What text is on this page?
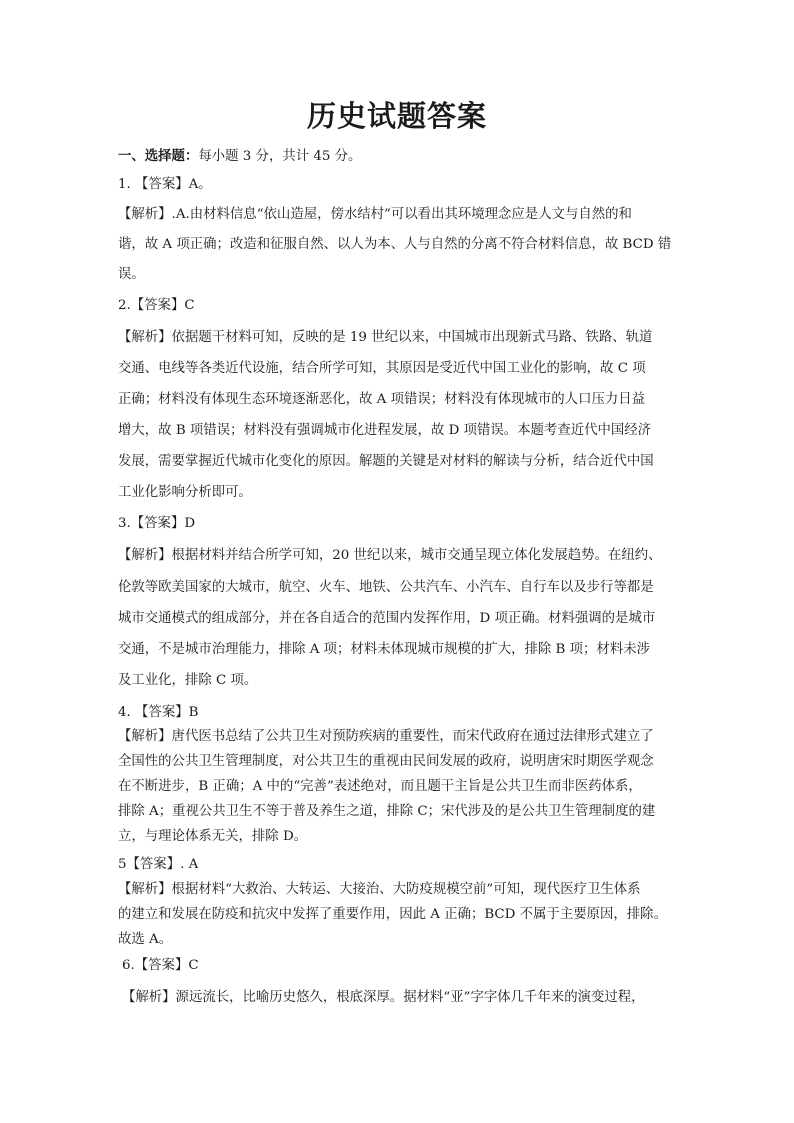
历史试题答案
一、选择题：每小题 3 分，共计 45 分。
1. 【答案】A。
【解析】.A.由材料信息“依山造屋，傍水结村”可以看出其环境理念应是人文与自然的和
谐，故 A 项正确；改造和征服自然、以人为本、人与自然的分离不符合材料信息，故 BCD 错
误。
2.【答案】C
【解析】依据题干材料可知，反映的是 19 世纪以来，中国城市出现新式马路、铁路、轨道
交通、电线等各类近代设施，结合所学可知，其原因是受近代中国工业化的影响，故 C 项
正确；材料没有体现生态环境逐渐恶化，故 A 项错误；材料没有体现城市的人口压力日益
增大，故 B 项错误；材料没有强调城市化进程发展，故 D 项错误。本题考查近代中国经济
发展，需要掌握近代城市化变化的原因。解题的关键是对材料的解读与分析，结合近代中国
工业化影响分析即可。
3.【答案】D
【解析】根据材料并结合所学可知，20 世纪以来，城市交通呈现立体化发展趋势。在纽约、
伦敦等欧美国家的大城市，航空、火车、地铁、公共汽车、小汽车、自行车以及步行等都是
城市交通模式的组成部分，并在各自适合的范围内发挥作用，D 项正确。材料强调的是城市
交通，不是城市治理能力，排除 A 项；材料未体现城市规模的扩大，排除 B 项；材料未涉
及工业化，排除 C 项。
4. 【答案】B
【解析】唐代医书总结了公共卫生对预防疾病的重要性，而宋代政府在通过法律形式建立了
全国性的公共卫生管理制度，对公共卫生的重视由民间发展的政府，说明唐宋时期医学观念
在不断进步，B 正确；A 中的“完善”表述绝对，而且题干主旨是公共卫生而非医药体系，
排除 A；重视公共卫生不等于普及养生之道，排除 C；宋代涉及的是公共卫生管理制度的建
立，与理论体系无关，排除 D。
5【答案】. A
【解析】根据材料“大救治、大转运、大接治、大防疫规模空前”可知，现代医疗卫生体系
的建立和发展在防疫和抗灾中发挥了重要作用，因此 A 正确；BCD 不属于主要原因，排除。
故选 A。
6.【答案】C
【解析】源远流长，比喻历史悠久，根底深厚。据材料“亚”字字体几千年来的演变过程，
